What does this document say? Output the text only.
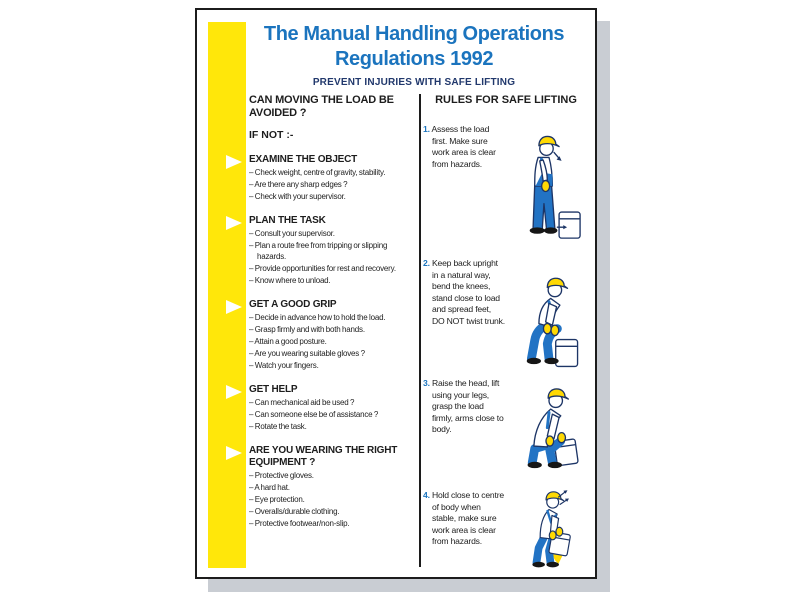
The Manual Handling Operations
Regulations 1992
PREVENT INJURIES WITH SAFE LIFTING
CAN MOVING THE LOAD BE AVOIDED ?
IF NOT :-
EXAMINE THE OBJECT
– Check weight, centre of gravity, stability.
– Are there any sharp edges ?
– Check with your supervisor.
PLAN THE TASK
– Consult your supervisor.
– Plan a route free from tripping or slipping hazards.
– Provide opportunities for rest and recovery.
– Know where to unload.
GET A GOOD GRIP
– Decide in advance how to hold the load.
– Grasp firmly and with both hands.
– Attain a good posture.
– Are you wearing suitable gloves ?
– Watch your fingers.
GET HELP
– Can mechanical aid be used ?
– Can someone else be of assistance ?
– Rotate the task.
ARE YOU WEARING THE RIGHT EQUIPMENT ?
– Protective gloves.
– A hard hat.
– Eye protection.
– Overalls/durable clothing.
– Protective footwear/non-slip.
RULES FOR SAFE LIFTING

1. Assess the load first. Make sure work area is clear from hazards.

2. Keep back upright in a natural way, bend the knees, stand close to load and spread feet, DO NOT twist trunk.

3. Raise the head, lift using your legs, grasp the load firmly, arms close to body.

4. Hold close to centre of body when stable, make sure work area is clear from hazards.
